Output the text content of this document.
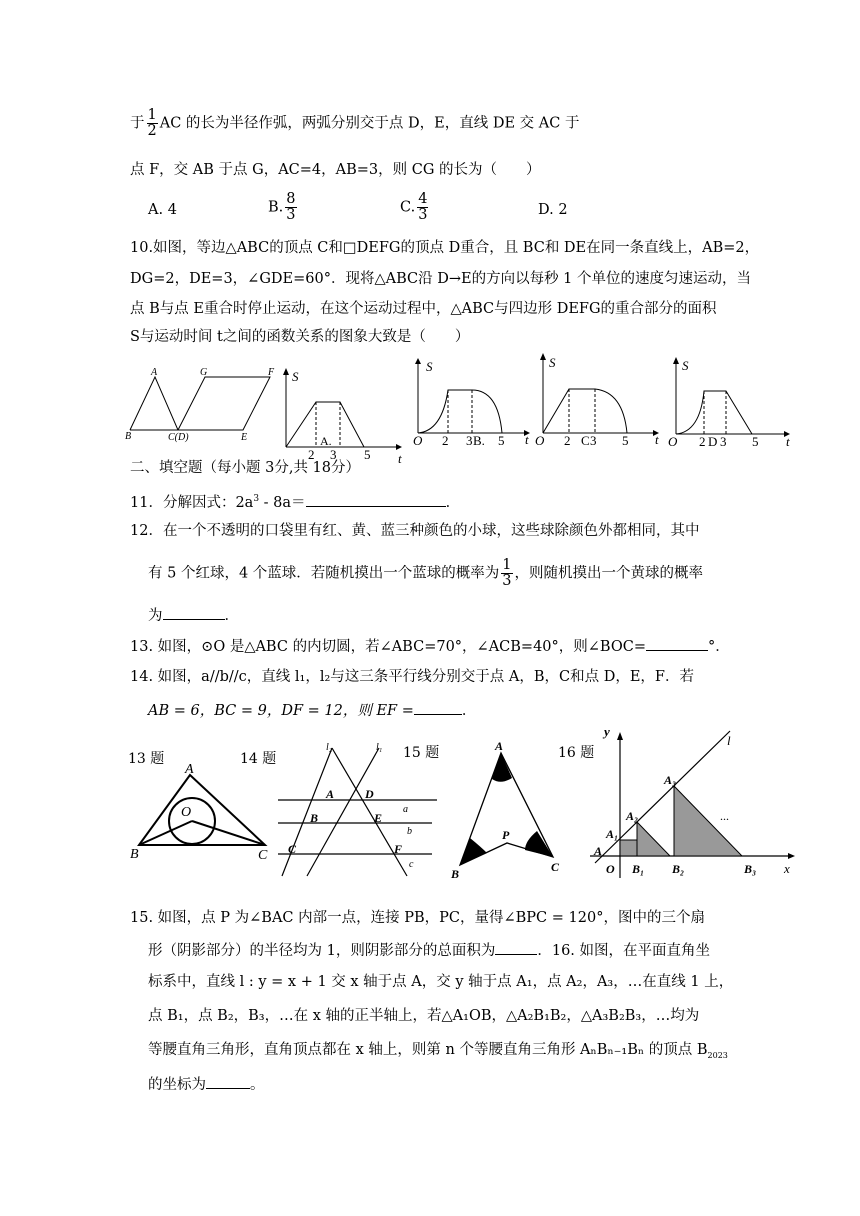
于 $\frac{1}{2}$ AC 的长为半径作弧，两弧分别交于点 D，E，直线 DE 交 AC 于
点 F，交 AB 于点 G，AC=4，AB=3，则 CG 的长为（　　）
A. 4	B. $\frac{8}{3}$	C. $\frac{4}{3}$	D. 2
10.如图，等边△ABC的顶点 C和□DEFG的顶点 D重合，且 BC和 DE在同一条直线上，AB=2，
DG=2，DE=3，∠GDE=60°．现将△ABC沿 D→E的方向以每秒 1 个单位的速度匀速运动，当
点 B与点 E重合时停止运动，在这个运动过程中，△ABC与四边形 DEFG的重合部分的面积
S与运动时间 t之间的函数关系的图象大致是（　　）
A
B	C(D)	E
F
G	S
2 3 5
A.
t
S
O 2 3 B. 5 t
S
O 2 C 3 5 t
S
O 2 D 3 5 t
二、填空题（每小题 3分,共 18分）
11．分解因式：$2a^3 - 8a=$	．
12．在一个不透明的口袋里有红、黄、蓝三种颜色的小球，这些球除颜色外都相同，其中
有 5 个红球，4 个蓝球．若随机摸出一个蓝球的概率为 $\frac{1}{3}$ ，则随机摸出一个黄球的概率
为	．
13. 如图，⊙O 是△ABC 的内切圆，若∠ABC=70°，∠ACB=40°，则∠BOC=	°．
14. 如图，a//b//c，直线 l₁，l₂与这三条平行线分别交于点 A，B，C和点 D，E，F．若
AB = 6，BC = 9，DF = 12，则 EF =	．
13 题	14 题	15 题	16 题
A
B	C
O
l₂	l₁
A
B
C
D
E
F
a
b
c
A
B	C
P
y
x
l
A
O
A₁
A₂
A₃
B₁ B₂	B₃
...
15. 如图，点 P 为∠BAC 内部一点，连接 PB，PC，量得∠BPC = 120°，图中的三个扇
形（阴影部分）的半径均为 1，则阴影部分的总面积为	．16. 如图，在平面直角坐
标系中，直线 l : y = x + 1 交 x 轴于点 A，交 y 轴于点 A₁，点 A₂，A₃，…在直线 1 上，
点 B₁，点 B₂，B₃，…在 x 轴的正半轴上，若△A₁OB，△A₂B₁B₂，△A₃B₂B₃，…均为
等腰直角三角形，直角顶点都在 x 轴上，则第 n 个等腰直角三角形 AₙBₙ₋₁Bₙ 的顶点 $B_{2023}$
的坐标为	。
